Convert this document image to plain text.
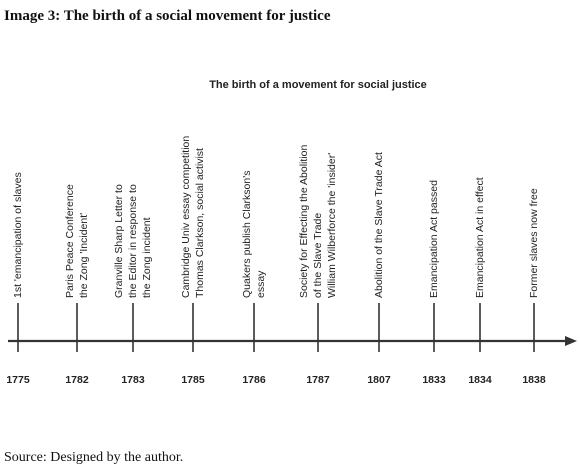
Image 3: The birth of a social movement for justice
The birth of a movement for social justice
1775
1st 'emancipation of slaves
1782
Paris Peace Conference the Zong 'Incident'
1783
Granville Sharp Letter to the Editor in response to the Zong incident
1785
Cambridge Univ essay competition Thomas Clarkson, social activist
1786
Quakers publish Clarkson's essay
1787
Society for Effecting the Abolition of the Slave Trade William Wilberforce the 'insider'
1807
Abolition of the Slave Trade Act
1833
Emancipation Act passed
1834
Emancipation Act in effect
1838
Former slaves now free
Source: Designed by the author.
